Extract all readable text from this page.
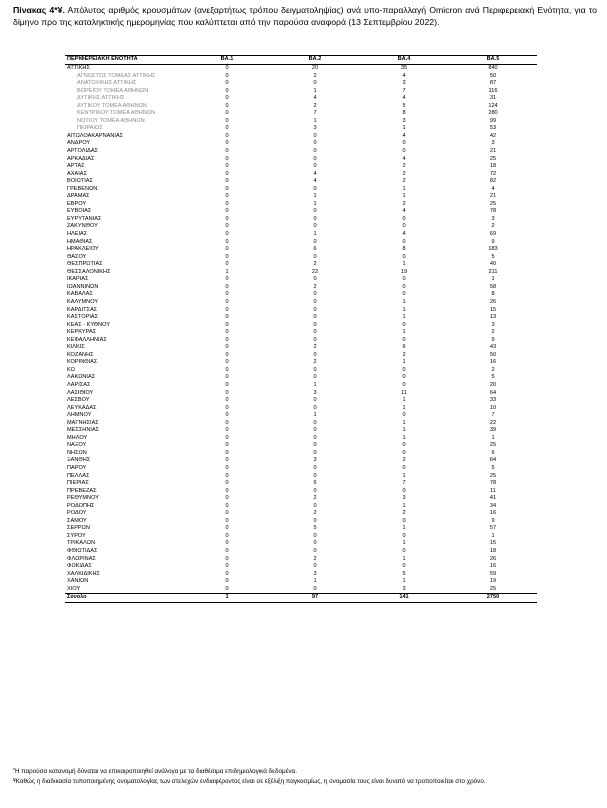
Πίνακας 4*¥. Απόλυτος αριθμός κρουσμάτων (ανεξαρτήτως τρόπου δειγματοληψίας) ανά υπο-παραλλαγή Omicron ανά Περιφερειακή Ενότητα, για το δίμηνο προ της καταληκτικής ημερομηνίας που καλύπτεται από την παρούσα αναφορά (13 Σεπτεμβρίου 2022).
ΠΕΡΙΦΕΡΕΙΑΚΗ ΕΝΟΤΗΤΑ	BA.1	BA.2	BA.4	BA.5
ΑΤΤΙΚΗΣ	0	20	35	840
ΑΓΝΩΣΤΟΣ ΤΟΜΕΑΣ ΑΤΤΙΚΗΣ	0	2	4	50
ΑΝΑΤΟΛΙΚΗΣ ΑΤΤΙΚΗΣ	0	0	3	87
ΒΟΡΕΙΟΥ ΤΟΜΕΑ ΑΘΗΝΩΝ	0	1	7	116
ΔΥΤΙΚΗΣ ΑΤΤΙΚΗΣ	0	4	4	31
ΔΥΤΙΚΟΥ ΤΟΜΕΑ ΑΘΗΝΩΝ	0	2	5	124
ΚΕΝΤΡΙΚΟΥ ΤΟΜΕΑ ΑΘΗΝΩΝ	0	7	8	280
ΝΟΤΙΟΥ ΤΟΜΕΑ ΑΘΗΝΩΝ	0	1	3	99
ΠΕΙΡΑΙΩΣ	0	3	1	53
ΑΙΤΩΛΟΑΚΑΡΝΑΝΙΑΣ	0	0	4	42
ΑΝΔΡΟΥ	0	0	0	3
ΑΡΓΟΛΙΔΑΣ	0	0	0	21
ΑΡΚΑΔΙΑΣ	0	0	4	25
ΑΡΤΑΣ	0	0	2	18
ΑΧΑΪΑΣ	0	4	2	72
ΒΟΙΩΤΙΑΣ	0	4	2	82
ΓΡΕΒΕΝΩΝ	0	0	1	4
ΔΡΑΜΑΣ	0	1	1	21
ΕΒΡΟΥ	0	1	2	25
ΕΥΒΟΙΑΣ	0	0	4	78
ΕΥΡΥΤΑΝΙΑΣ	0	0	0	3
ΖΑΚΥΝΘΟΥ	0	0	0	2
ΗΛΕΙΑΣ	0	1	4	69
ΗΜΑΘΙΑΣ	0	0	0	9
ΗΡΑΚΛΕΙΟΥ	0	6	8	183
ΘΑΣΟΥ	0	0	0	5
ΘΕΣΠΡΩΤΙΑΣ	0	2	1	40
ΘΕΣΣΑΛΟΝΙΚΗΣ	1	22	19	211
ΙΚΑΡΙΑΣ	0	0	0	1
ΙΩΑΝΝΙΝΩΝ	0	2	0	58
ΚΑΒΑΛΑΣ	0	0	0	8
ΚΑΛΥΜΝΟΥ	0	0	1	26
ΚΑΡΔΙΤΣΑΣ	0	0	1	15
ΚΑΣΤΟΡΙΑΣ	0	0	1	13
ΚΕΑΣ - ΚΥΘΝΟΥ	0	0	0	3
ΚΕΡΚΥΡΑΣ	0	0	1	2
ΚΕΦΑΛΛΗΝΙΑΣ	0	0	0	9
ΚΙΛΚΙΣ	0	2	6	43
ΚΟΖΑΝΗΣ	0	0	2	50
ΚΟΡΙΝΘΙΑΣ	0	2	1	16
ΚΩ	0	0	0	2
ΛΑΚΩΝΙΑΣ	0	0	0	5
ΛΑΡΙΣΑΣ	0	1	0	20
ΛΑΣΙΘΙΟΥ	0	3	11	64
ΛΕΣΒΟΥ	0	0	1	33
ΛΕΥΚΑΔΑΣ	0	0	1	10
ΛΗΜΝΟΥ	0	1	0	7
ΜΑΓΝΗΣΙΑΣ	0	0	1	22
ΜΕΣΣΗΝΙΑΣ	0	0	1	39
ΜΗΛΟΥ	0	0	1	1
ΝΑΞΟΥ	0	0	0	25
ΝΗΣΩΝ	0	0	0	6
ΞΑΝΘΗΣ	0	3	2	64
ΠΑΡΟΥ	0	0	0	5
ΠΕΛΛΑΣ	0	0	1	25
ΠΙΕΡΙΑΣ	0	6	7	78
ΠΡΕΒΕΖΑΣ	0	0	0	11
ΡΕΘΥΜΝΟΥ	0	2	3	41
ΡΟΔΟΠΗΣ	0	0	1	34
ΡΟΔΟΥ	0	2	2	16
ΣΑΜΟΥ	0	0	0	9
ΣΕΡΡΩΝ	0	5	1	57
ΣΥΡΟΥ	0	0	0	1
ΤΡΙΚΑΛΩΝ	0	0	1	15
ΦΘΙΩΤΙΔΑΣ	0	0	0	18
ΦΛΩΡΙΝΑΣ	0	2	1	26
ΦΩΚΙΔΑΣ	0	0	0	16
ΧΑΛΚΙΔΙΚΗΣ	0	3	5	59
ΧΑΝΙΩΝ	0	1	1	19
ΧΙΟΥ	0	0	3	25
Σύνολο	1	97	141	2750
*Η παρούσα κατανομή δύναται να επικαιροποιηθεί ανάλογα με τα διαθέσιμα επιδημιολογικά δεδομένα.
¥Καθώς η διαδικασία τυποποιημένης ονοματολογίας των στελεχών ενδιαφέροντος είναι σε εξέλιξη παγκοσμίως, η ονομασία τους είναι δυνατό να τροποποιείται στο χρόνο.
